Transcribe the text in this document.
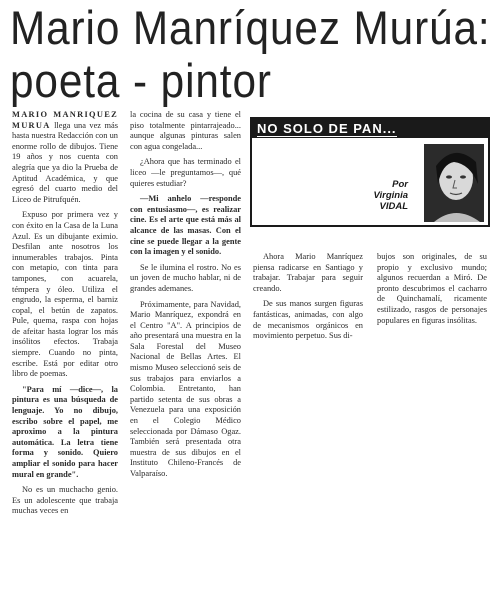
Mario Manríquez Murúa:
poeta - pintor

MARIO MANRIQUEZ MURUA llega una vez más hasta nuestra Redacción con un enorme rollo de dibujos. Tiene 19 años y nos cuenta con alegría que ya dio la Prueba de Aptitud Académica, y que egresó del cuarto medio del Liceo de Pitrufquén.

Expuso por primera vez y con éxito en la Casa de la Luna Azul. Es un dibujante eximio. Desfilan ante nosotros los innumerables trabajos. Pinta con metapio, con tinta para tampones, con acuarela, témpera y óleo. Utiliza el engrudo, la esperma, el barniz copal, el betún de zapatos. Pule, quema, raspa con hojas de afeitar hasta lograr los más insólitos efectos. Trabaja siempre. Cuando no pinta, escribe. Está por editar otro libro de poemas.

"Para mí —dice—, la pintura es una búsqueda de lenguaje. Yo no dibujo, escribo sobre el papel, me aproximo a la pintura automática. La letra tiene forma y sonido. Quiero ampliar el sonido para hacer mural en grande".

No es un muchacho genio. Es un adolescente que trabaja muchas veces en

la cocina de su casa y tiene el piso totalmente pintarrajeado... aunque algunas pinturas salen con agua congelada...

¿Ahora que has terminado el liceo —le preguntamos—, qué quieres estudiar?

—Mi anhelo —responde con entusiasmo—, es realizar cine. Es el arte que está más al alcance de las masas. Con el cine se puede llegar a la gente con la imagen y el sonido.

Se le ilumina el rostro. No es un joven de mucho hablar, ni de grandes ademanes.

Próximamente, para Navidad, Mario Manríquez, expondrá en el Centro "A". A principios de año presentará una muestra en la Sala Forestal del Museo Nacional de Bellas Artes. El mismo Museo seleccionó seis de sus trabajos para enviarlos a Colombia. Entretanto, han partido setenta de sus obras a Venezuela para una exposición en el Colegio Médico seleccionada por Dámaso Ogaz. También será presentada otra muestra de sus dibujos en el Instituto Chileno-Francés de Valparaíso.

NO SOLO DE PAN...
Por
Virginia VIDAL

Ahora Mario Manríquez piensa radicarse en Santiago y trabajar. Trabajar para seguir creando.

De sus manos surgen figuras fantásticas, animadas, con algo de mecanismos orgánicos en movimiento perpetuo. Sus di-

bujos son originales, de su propio y exclusivo mundo; algunos recuerdan a Miró. De pronto descubrimos el cacharro de Quinchamalí, ricamente estilizado, rasgos de personajes populares en figuras insólitas.
